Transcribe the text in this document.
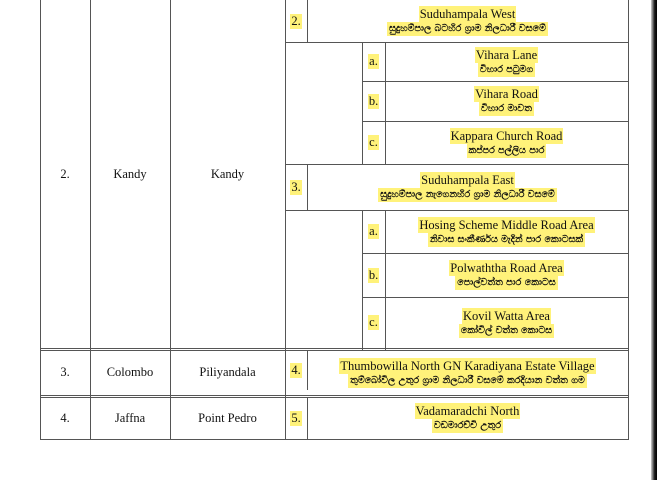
2.	Kandy	Kandy
2.	Suduhampala West
සුදුහම්පාල බටහිර ග්‍රාම නිලධාරී වසමේ
a.	Vihara Lane
විහාර පටුමග
b.	Vihara Road
විහාර මාවත
c.	Kappara Church Road
කප්පර පල්ලිය පාර
3.	Suduhampala East
සුදුහම්පාල නැගෙනහිර ග්‍රාම නිලධාරී වසමේ
a.	Hosing Scheme Middle Road Area
නිවාස සංකීර්ණය මැදින් පාර කොටසක්
b.	Polwaththa Road Area
පොල්වත්ත පාර කොටස
c.	Kovil Watta Area
කෝවිල් වත්ත කොටස
3.	Colombo	Piliyandala	4.	Thumbowilla North GN Karadiyana Estate Village
තුම්බෝවිල උතුර ග්‍රාම නිලධාරී වසමේ කරදියාන වත්ත ගම
4.	Jaffna	Point Pedro	5.	Vadamaradchi North
වඩමාරච්චි උතුර
